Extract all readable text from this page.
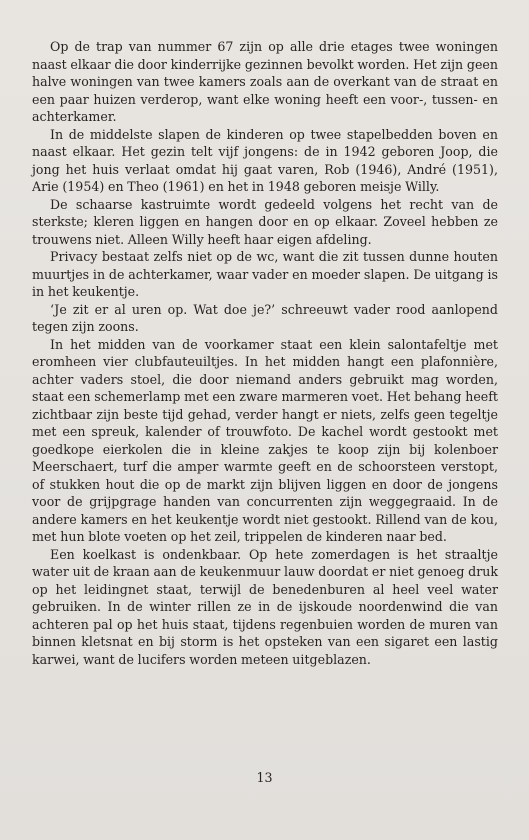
Op de trap van nummer 67 zijn op alle drie etages twee woningen naast elkaar die door kinderrijke gezinnen bevolkt worden. Het zijn geen halve woningen van twee kamers zoals aan de overkant van de straat en een paar huizen verderop, want elke woning heeft een voor-, tussen- en achterkamer.

In de middelste slapen de kinderen op twee stapelbedden boven en naast elkaar. Het gezin telt vijf jongens: de in 1942 geboren Joop, die jong het huis verlaat omdat hij gaat varen, Rob (1946), André (1951), Arie (1954) en Theo (1961) en het in 1948 geboren meisje Willy.

De schaarse kastruimte wordt gedeeld volgens het recht van de sterkste; kleren liggen en hangen door en op elkaar. Zoveel hebben ze trouwens niet. Alleen Willy heeft haar eigen afdeling.

Privacy bestaat zelfs niet op de wc, want die zit tussen dunne houten muurtjes in de achterkamer, waar vader en moeder slapen. De uitgang is in het keukentje.

‘Je zit er al uren op. Wat doe je?’ schreeuwt vader rood aanlopend tegen zijn zoons.

In het midden van de voorkamer staat een klein salontafeltje met eromheen vier clubfauteuiltjes. In het midden hangt een plafonnière, achter vaders stoel, die door niemand anders gebruikt mag worden, staat een schemerlamp met een zware marmeren voet. Het behang heeft zichtbaar zijn beste tijd gehad, verder hangt er niets, zelfs geen tegeltje met een spreuk, kalender of trouwfoto. De kachel wordt gestookt met goedkope eierkolen die in kleine zakjes te koop zijn bij kolenboer Meerschaert, turf die amper warmte geeft en de schoorsteen verstopt, of stukken hout die op de markt zijn blijven liggen en door de jongens voor de grijpgrage handen van concurrenten zijn weggegraaid. In de andere kamers en het keukentje wordt niet gestookt. Rillend van de kou, met hun blote voeten op het zeil, trippelen de kinderen naar bed.

Een koelkast is ondenkbaar. Op hete zomerdagen is het straaltje water uit de kraan aan de keukenmuur lauw doordat er niet genoeg druk op het leidingnet staat, terwijl de benedenburen al heel veel water gebruiken. In de winter rillen ze in de ijskoude noordenwind die van achteren pal op het huis staat, tijdens regenbuien worden de muren van binnen kletsnat en bij storm is het opsteken van een sigaret een lastig karwei, want de lucifers worden meteen uitgeblazen.

13
